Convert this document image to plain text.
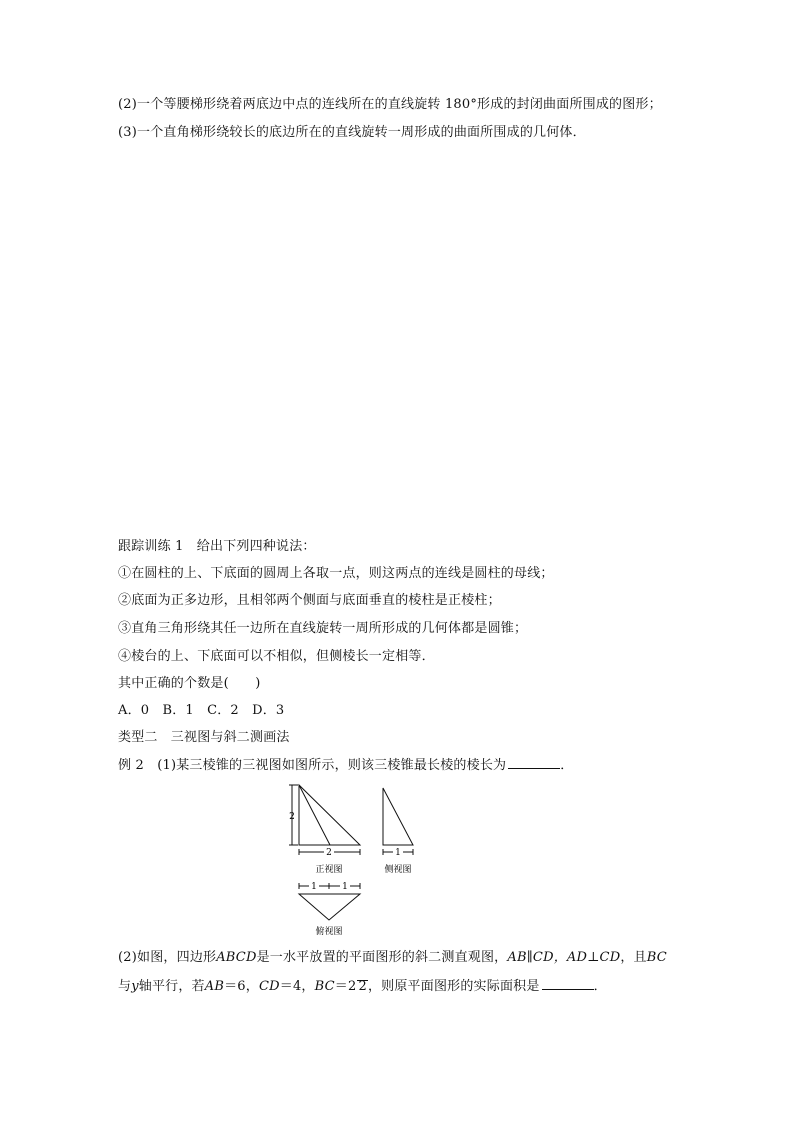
(2)一个等腰梯形绕着两底边中点的连线所在的直线旋转 180°形成的封闭曲面所围成的图形；
(3)一个直角梯形绕较长的底边所在的直线旋转一周形成的曲面所围成的几何体．
跟踪训练 1　给出下列四种说法：
①在圆柱的上、下底面的圆周上各取一点，则这两点的连线是圆柱的母线；
②底面为正多边形，且相邻两个侧面与底面垂直的棱柱是正棱柱；
③直角三角形绕其任一边所在直线旋转一周所形成的几何体都是圆锥；
④棱台的上、下底面可以不相似，但侧棱长一定相等．
其中正确的个数是(　　)
A．0　B．1　C．2　D．3
类型二　三视图与斜二测画法
例 2　(1)某三棱锥的三视图如图所示，则该三棱锥最长棱的棱长为	．
2
2
正视图
1
侧视图
1	1
俯视图
(2)如图，四边形ABCD是一水平放置的平面图形的斜二测直观图，AB∥CD，AD⊥CD，且BC
与y轴平行，若AB＝6，CD＝4，BC＝2 2，则原平面图形的实际面积是	．
